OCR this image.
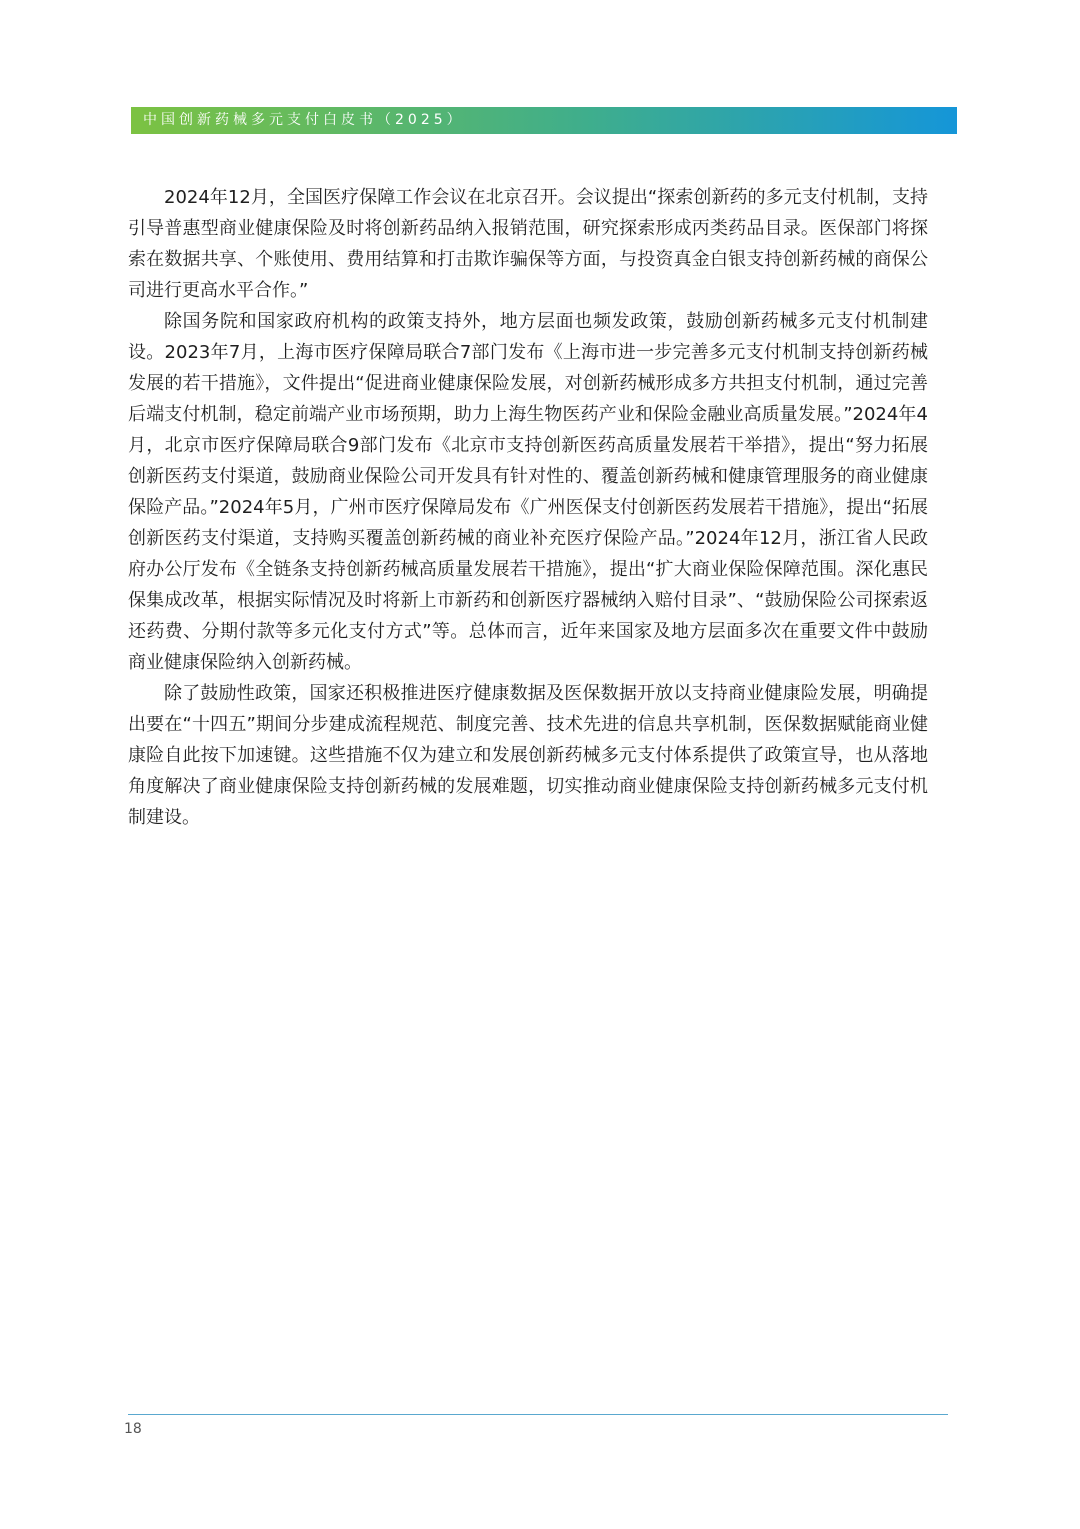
中国创新药械多元支付白皮书（2025）

2024年12月，全国医疗保障工作会议在北京召开。会议提出“探索创新药的多元支付机制，支持引导普惠型商业健康保险及时将创新药品纳入报销范围，研究探索形成丙类药品目录。医保部门将探索在数据共享、个账使用、费用结算和打击欺诈骗保等方面，与投资真金白银支持创新药械的商保公司进行更高水平合作。”

除国务院和国家政府机构的政策支持外，地方层面也频发政策，鼓励创新药械多元支付机制建设。2023年7月，上海市医疗保障局联合7部门发布《上海市进一步完善多元支付机制支持创新药械发展的若干措施》，文件提出“促进商业健康保险发展，对创新药械形成多方共担支付机制，通过完善后端支付机制，稳定前端产业市场预期，助力上海生物医药产业和保险金融业高质量发展。”2024年4月，北京市医疗保障局联合9部门发布《北京市支持创新医药高质量发展若干举措》，提出“努力拓展创新医药支付渠道，鼓励商业保险公司开发具有针对性的、覆盖创新药械和健康管理服务的商业健康保险产品。”2024年5月，广州市医疗保障局发布《广州医保支付创新医药发展若干措施》，提出“拓展创新医药支付渠道，支持购买覆盖创新药械的商业补充医疗保险产品。”2024年12月，浙江省人民政府办公厅发布《全链条支持创新药械高质量发展若干措施》，提出“扩大商业保险保障范围。深化惠民保集成改革，根据实际情况及时将新上市新药和创新医疗器械纳入赔付目录”、“鼓励保险公司探索返还药费、分期付款等多元化支付方式”等。总体而言，近年来国家及地方层面多次在重要文件中鼓励商业健康保险纳入创新药械。

除了鼓励性政策，国家还积极推进医疗健康数据及医保数据开放以支持商业健康险发展，明确提出要在“十四五”期间分步建成流程规范、制度完善、技术先进的信息共享机制，医保数据赋能商业健康险自此按下加速键。这些措施不仅为建立和发展创新药械多元支付体系提供了政策宣导，也从落地角度解决了商业健康保险支持创新药械的发展难题，切实推动商业健康保险支持创新药械多元支付机制建设。

18
